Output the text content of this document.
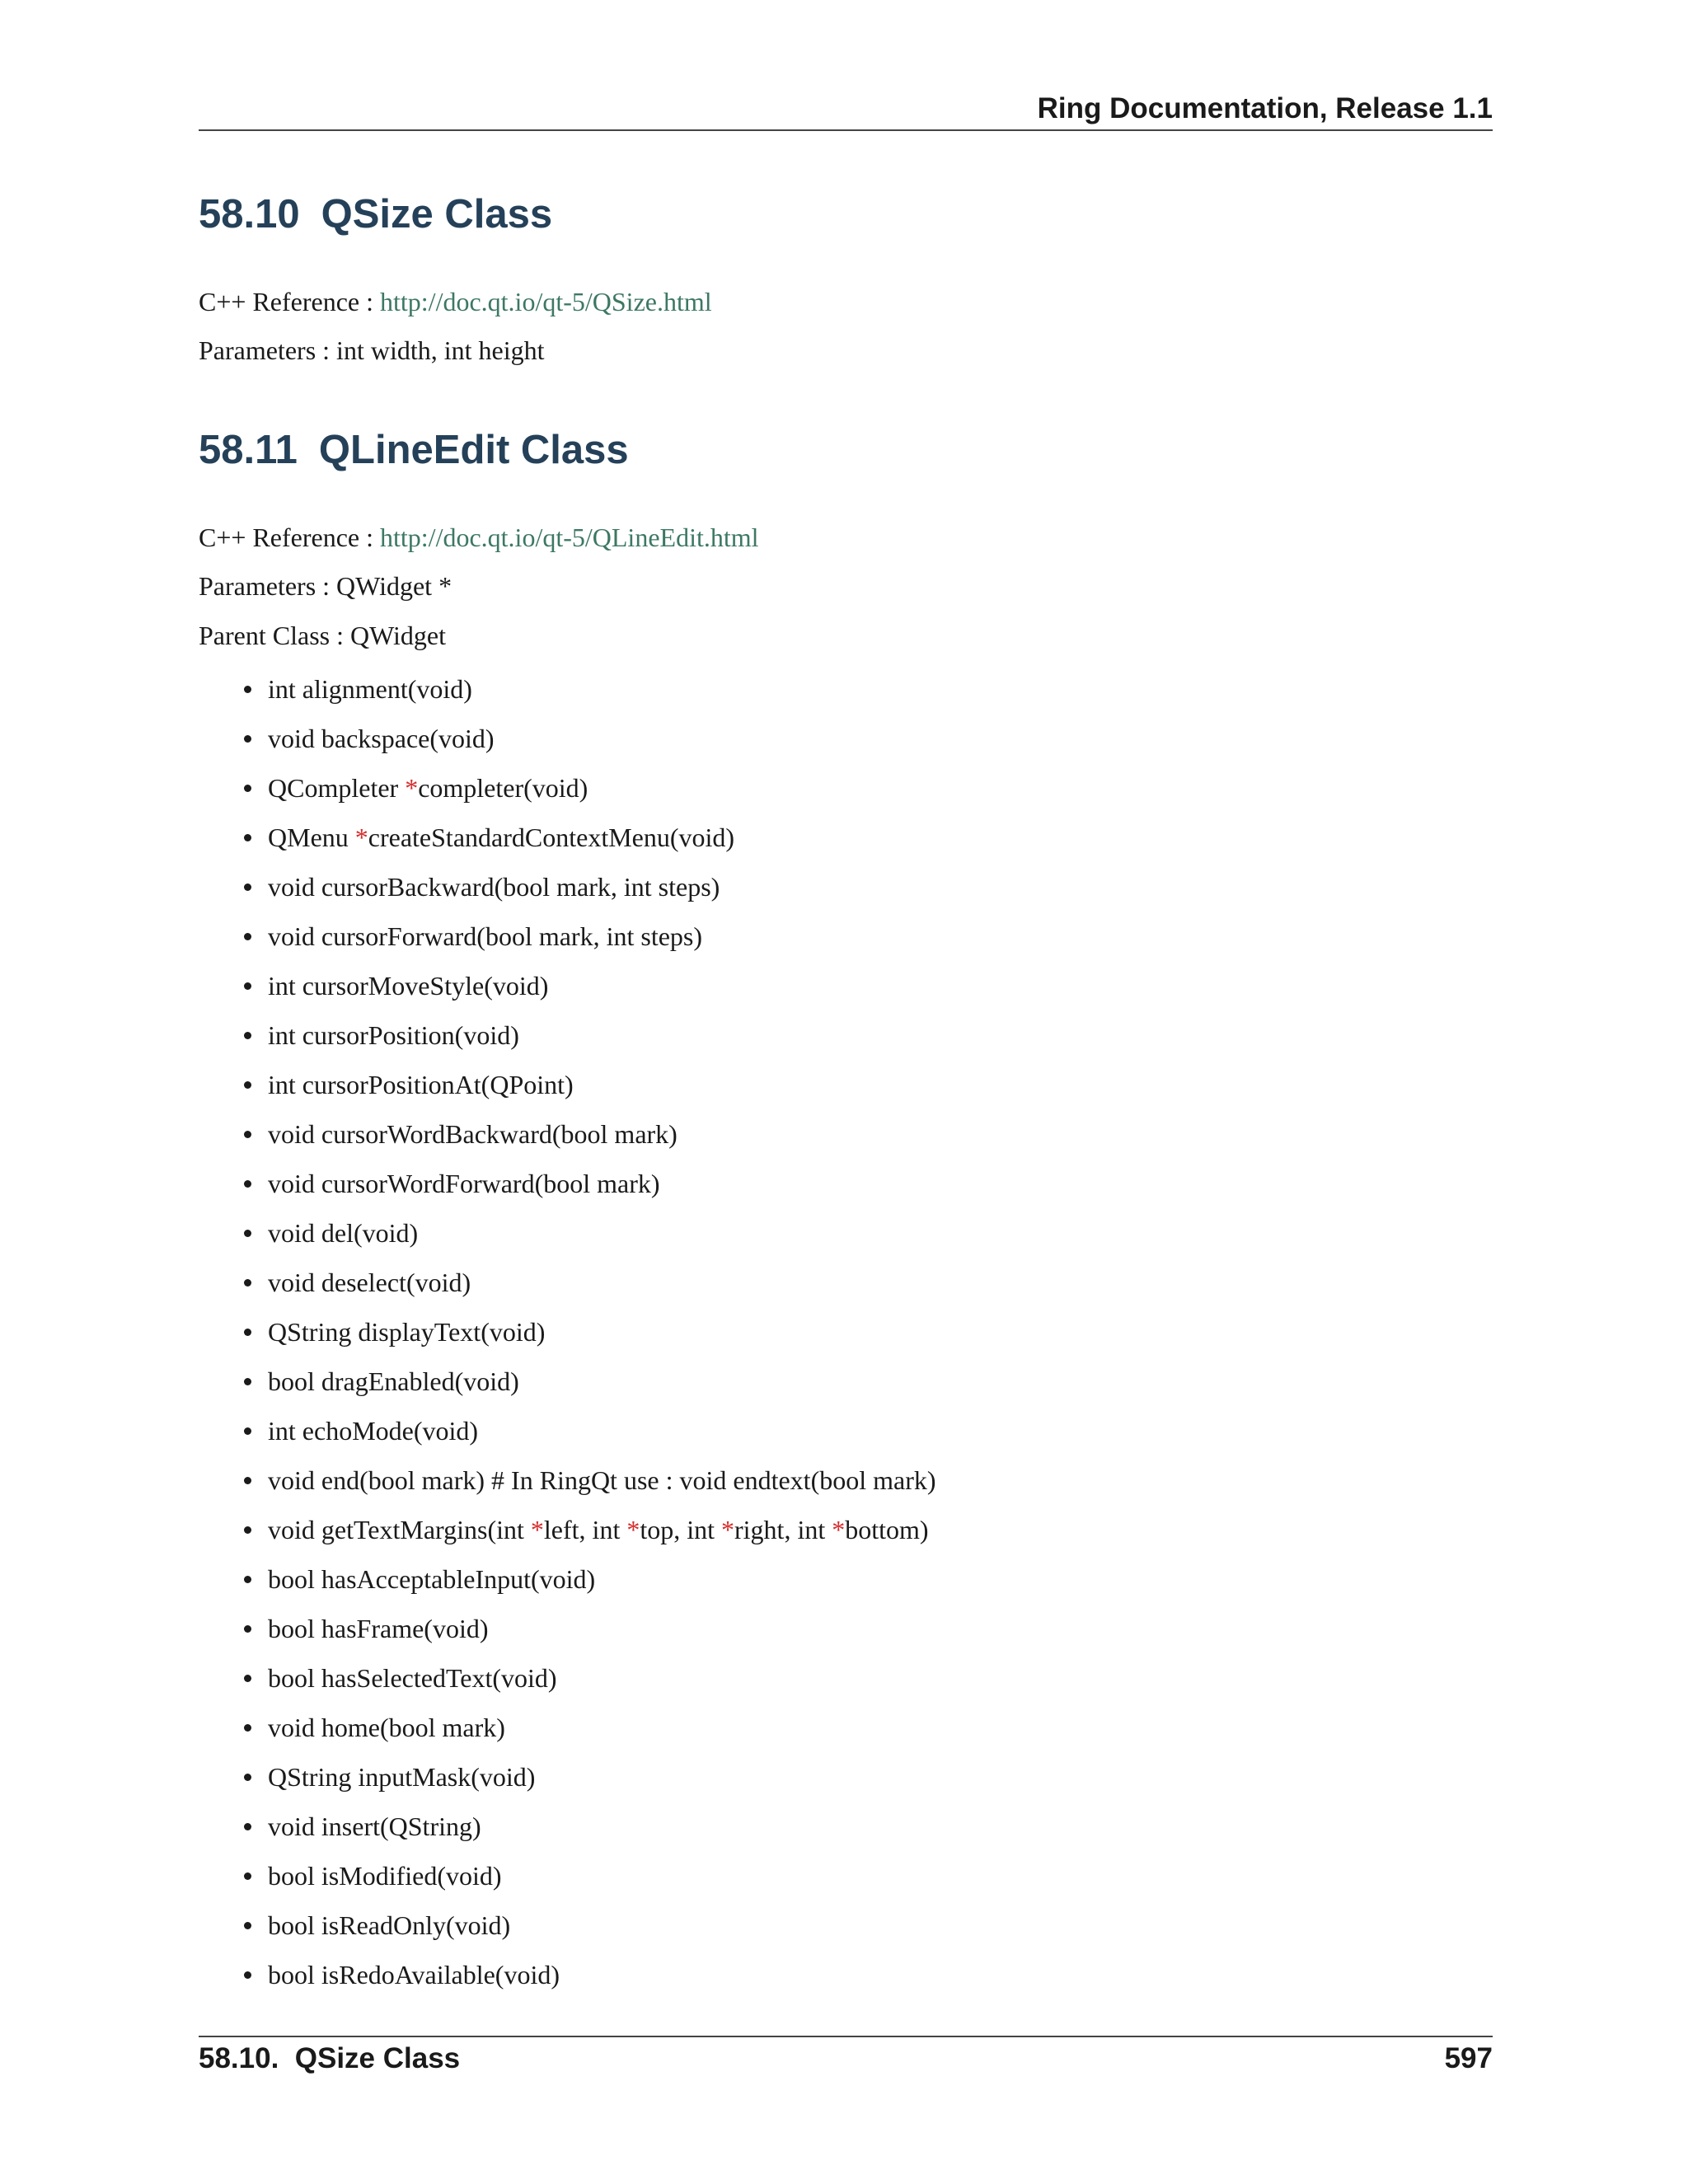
Ring Documentation, Release 1.1
58.10 QSize Class
C++ Reference : http://doc.qt.io/qt-5/QSize.html
Parameters : int width, int height
58.11 QLineEdit Class
C++ Reference : http://doc.qt.io/qt-5/QLineEdit.html
Parameters : QWidget *
Parent Class : QWidget
int alignment(void)
void backspace(void)
QCompleter *completer(void)
QMenu *createStandardContextMenu(void)
void cursorBackward(bool mark, int steps)
void cursorForward(bool mark, int steps)
int cursorMoveStyle(void)
int cursorPosition(void)
int cursorPositionAt(QPoint)
void cursorWordBackward(bool mark)
void cursorWordForward(bool mark)
void del(void)
void deselect(void)
QString displayText(void)
bool dragEnabled(void)
int echoMode(void)
void end(bool mark) # In RingQt use : void endtext(bool mark)
void getTextMargins(int *left, int *top, int *right, int *bottom)
bool hasAcceptableInput(void)
bool hasFrame(void)
bool hasSelectedText(void)
void home(bool mark)
QString inputMask(void)
void insert(QString)
bool isModified(void)
bool isReadOnly(void)
bool isRedoAvailable(void)
58.10.  QSize Class	597
